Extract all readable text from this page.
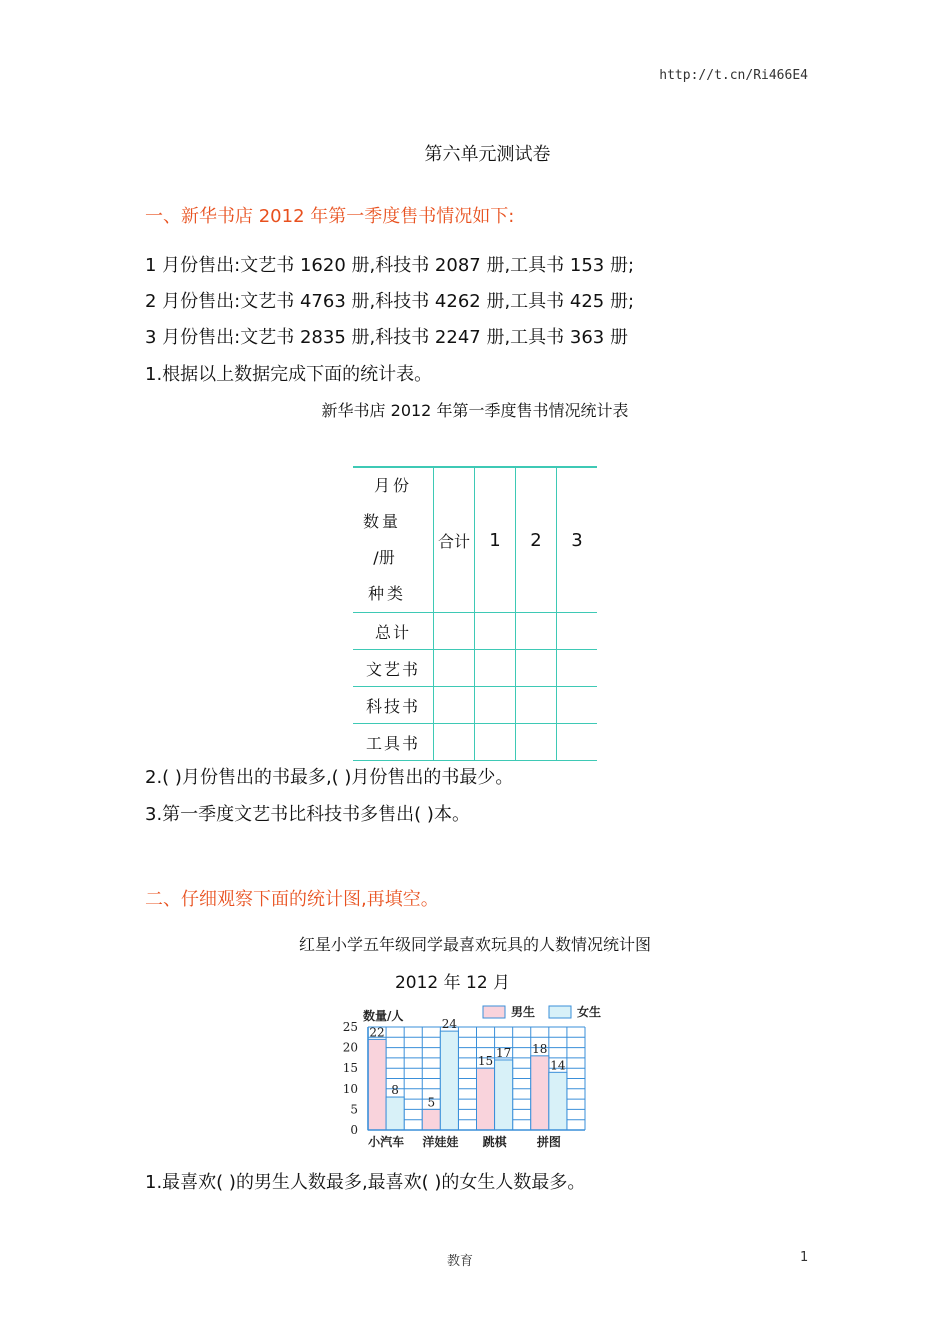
http://t.cn/Ri466E4
第六单元测试卷
一、新华书店 2012 年第一季度售书情况如下:
1 月份售出:文艺书 1620 册,科技书 2087 册,工具书 153 册;
2 月份售出:文艺书 4763 册,科技书 4262 册,工具书 425 册;
3 月份售出:文艺书 2835 册,科技书 2247 册,工具书 363 册
1.根据以上数据完成下面的统计表。
新华书店 2012 年第一季度售书情况统计表
月份
数量
/册
种类	合计	1	2	3
总计				
文艺书				
科技书				
工具书				
2.( )月份售出的书最多,( )月份售出的书最少。
3.第一季度文艺书比科技书多售出( )本。
二、仔细观察下面的统计图,再填空。
红星小学五年级同学最喜欢玩具的人数情况统计图
2012 年 12 月
0
5
10
15
20
25
数量/人	男生	女生
22
8
小汽车
5
24
洋娃娃
15
17
跳棋
18
14
拼图
1.最喜欢( )的男生人数最多,最喜欢( )的女生人数最多。
教育	1
